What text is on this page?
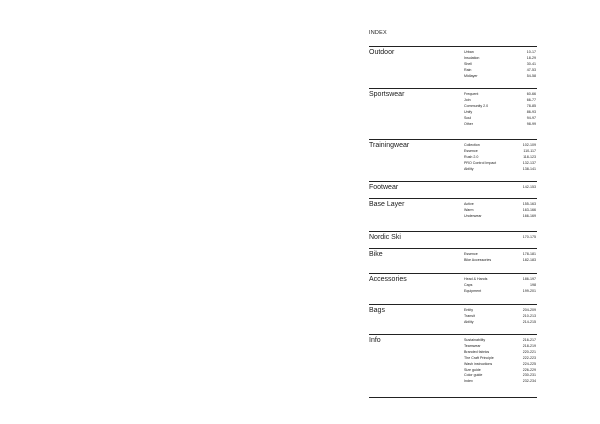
INDEX
Outdoor	Urban	10-17
Insulation	18-29
Shell	30-41
Rain	47-53
Midlayer	54-58
Sportswear	Frequent	60-66
Join	66-77
Community 2.0	78-85
Unify	86-93
Soul	94-97
Other	98-99
Trainingwear	Collection	102-109
Essence	110-117
Rush 2.0	118-123
PRO Control Impact	132-137
Ability	138-141
Footwear	142-153
Base Layer	Active	155-163
Warm	163-166
Underwear	166-169
Nordic Ski	170-175
Bike	Essence	178-181
Bike Accessories	182-183
Accessories	Head & Hands	186-197
Caps	198
Equipment	199-201
Bags	Entity	204-209
Transit	210-213
Ability	214-215
Info	Sustainability	216-217
Teamwear	218-219
Branded fabrics	220-221
The Craft Principle	222-223
Wash instructions	224-225
Size guide	226-229
Color guide	230-231
Index	232-234
